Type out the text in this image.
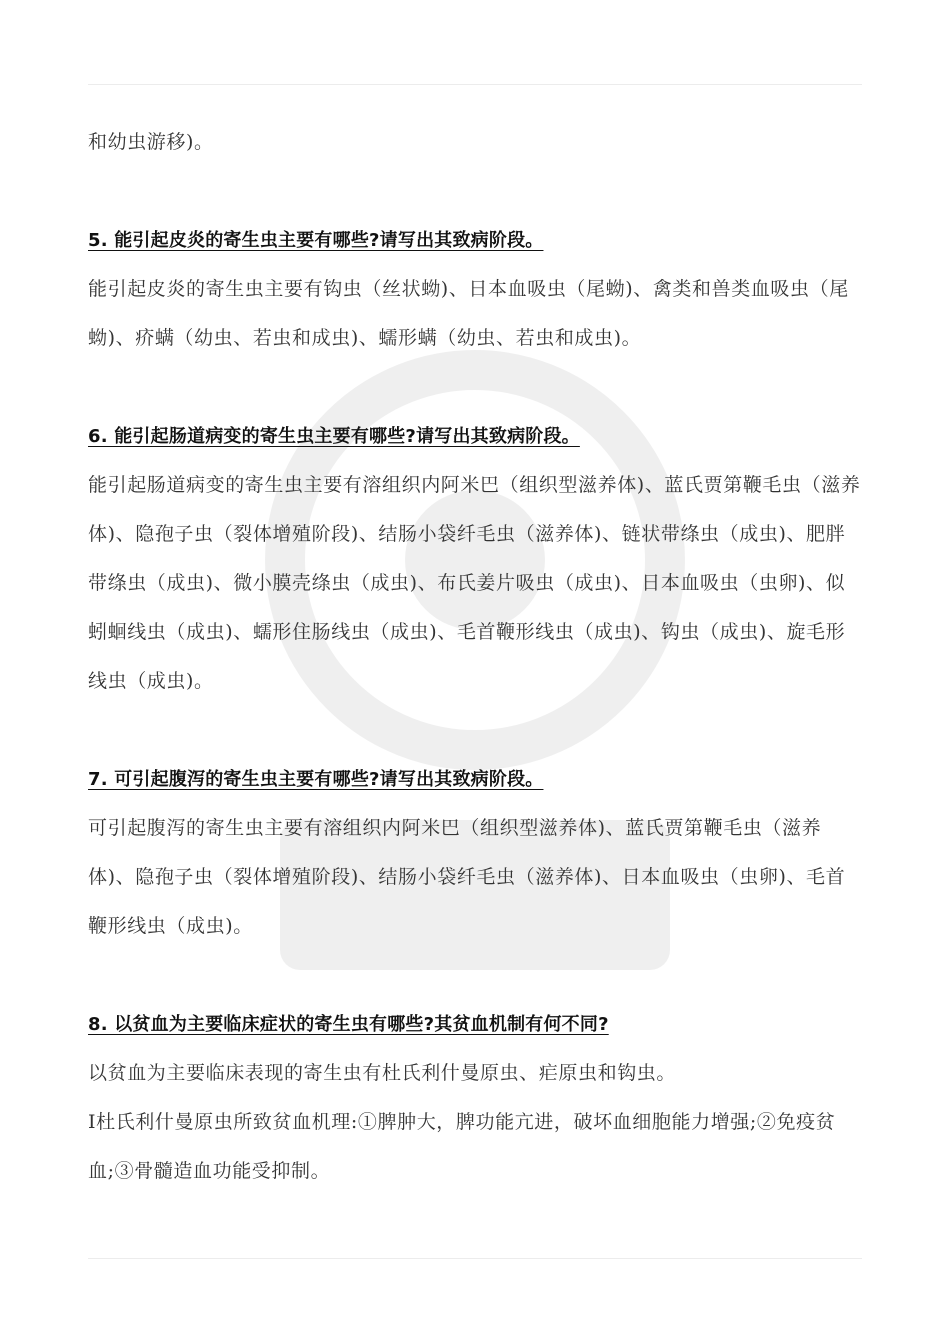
和幼虫游移)。

5. 能引起皮炎的寄生虫主要有哪些?请写出其致病阶段。

能引起皮炎的寄生虫主要有钩虫（丝状蚴)、日本血吸虫（尾蚴)、禽类和兽类血吸虫（尾蚴)、疥螨（幼虫、若虫和成虫)、蠕形螨（幼虫、若虫和成虫)。

6. 能引起肠道病变的寄生虫主要有哪些?请写出其致病阶段。

能引起肠道病变的寄生虫主要有溶组织内阿米巴（组织型滋养体)、蓝氏贾第鞭毛虫（滋养体)、隐孢子虫（裂体增殖阶段)、结肠小袋纤毛虫（滋养体)、链状带绦虫（成虫)、肥胖带绦虫（成虫)、微小膜壳绦虫（成虫)、布氏姜片吸虫（成虫)、日本血吸虫（虫卵)、似蚓蛔线虫（成虫)、蠕形住肠线虫（成虫)、毛首鞭形线虫（成虫)、钩虫（成虫)、旋毛形线虫（成虫)。

7. 可引起腹泻的寄生虫主要有哪些?请写出其致病阶段。

可引起腹泻的寄生虫主要有溶组织内阿米巴（组织型滋养体)、蓝氏贾第鞭毛虫（滋养体)、隐孢子虫（裂体增殖阶段)、结肠小袋纤毛虫（滋养体)、日本血吸虫（虫卵)、毛首鞭形线虫（成虫)。

8. 以贫血为主要临床症状的寄生虫有哪些?其贫血机制有何不同?

以贫血为主要临床表现的寄生虫有杜氏利什曼原虫、疟原虫和钩虫。

Ⅰ杜氏利什曼原虫所致贫血机理:①脾肿大，脾功能亢进，破坏血细胞能力增强;②免疫贫血;③骨髓造血功能受抑制。
